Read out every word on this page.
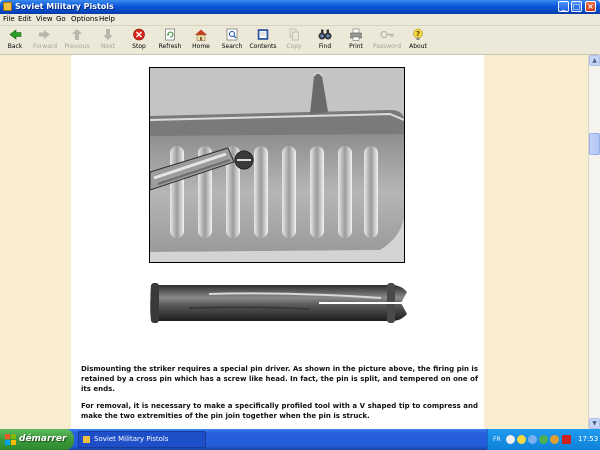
Soviet Military Pistols	_ □ ×
File Edit View Go Options Help
Back	Forward	Previous	Next	Stop	Refresh	Home	Search	Contents	Copy	Find	Print	Password
?
About
Dismounting the striker requires a special pin driver. As shown in the picture above, the firing pin is retained by a cross pin which has a screw like head. In fact, the pin is split, and tempered on one of its ends.
For removal, it is necessary to make a specifically profiled tool with a V shaped tip to compress and make the two extremities of the pin join together when the pin is struck.
▲
▼
démarrer	Soviet Military Pistols	FR	17:53
